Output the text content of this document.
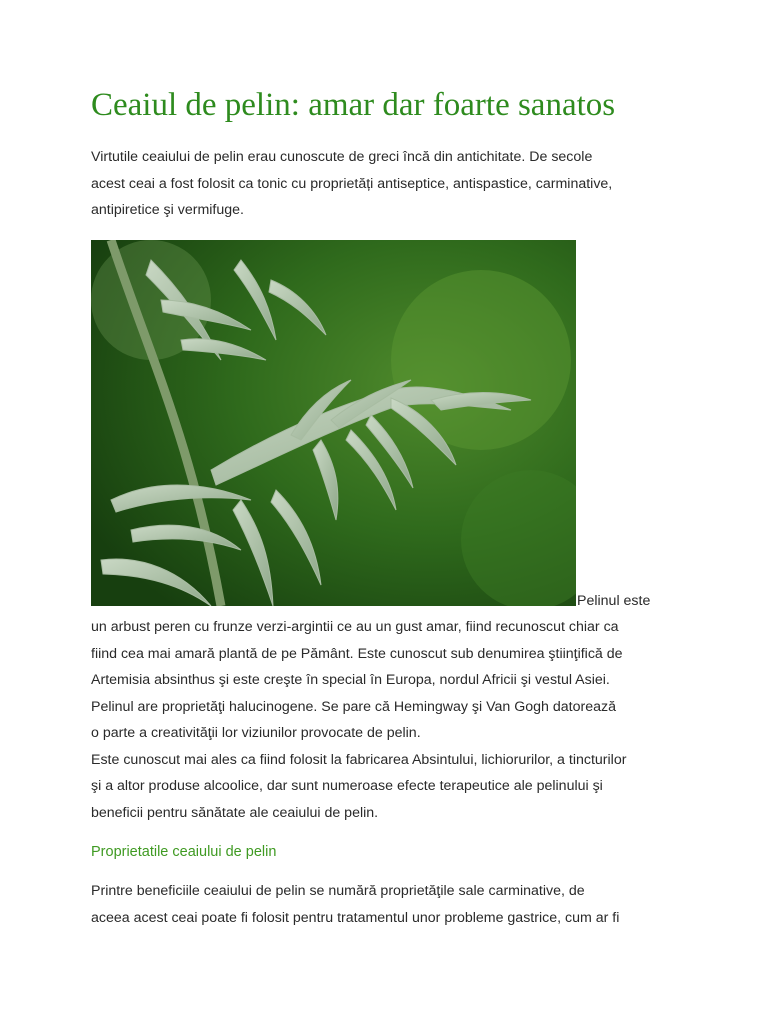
Ceaiul de pelin: amar dar foarte sanatos
Virtutile ceaiului de pelin erau cunoscute de greci încă din antichitate. De secole
acest ceai a fost folosit ca tonic cu proprietăți antiseptice, antispastice, carminative,
antipiretice şi vermifuge.
Pelinul este
un arbust peren cu frunze verzi-argintii ce au un gust amar, fiind recunoscut chiar ca
fiind cea mai amară plantă de pe Pământ. Este cunoscut sub denumirea ştiinţifică de
Artemisia absinthus şi este creşte în special în Europa, nordul Africii şi vestul Asiei.
Pelinul are proprietăţi halucinogene. Se pare că Hemingway şi Van Gogh datorează
o parte a creativităţii lor viziunilor provocate de pelin.
Este cunoscut mai ales ca fiind folosit la fabricarea Absintului, lichiorurilor, a tincturilor
şi a altor produse alcoolice, dar sunt numeroase efecte terapeutice ale pelinului şi
beneficii pentru sănătate ale ceaiului de pelin.
Proprietatile ceaiului de pelin
Printre beneficiile ceaiului de pelin se numără proprietăţile sale carminative, de
aceea acest ceai poate fi folosit pentru tratamentul unor probleme gastrice, cum ar fi
